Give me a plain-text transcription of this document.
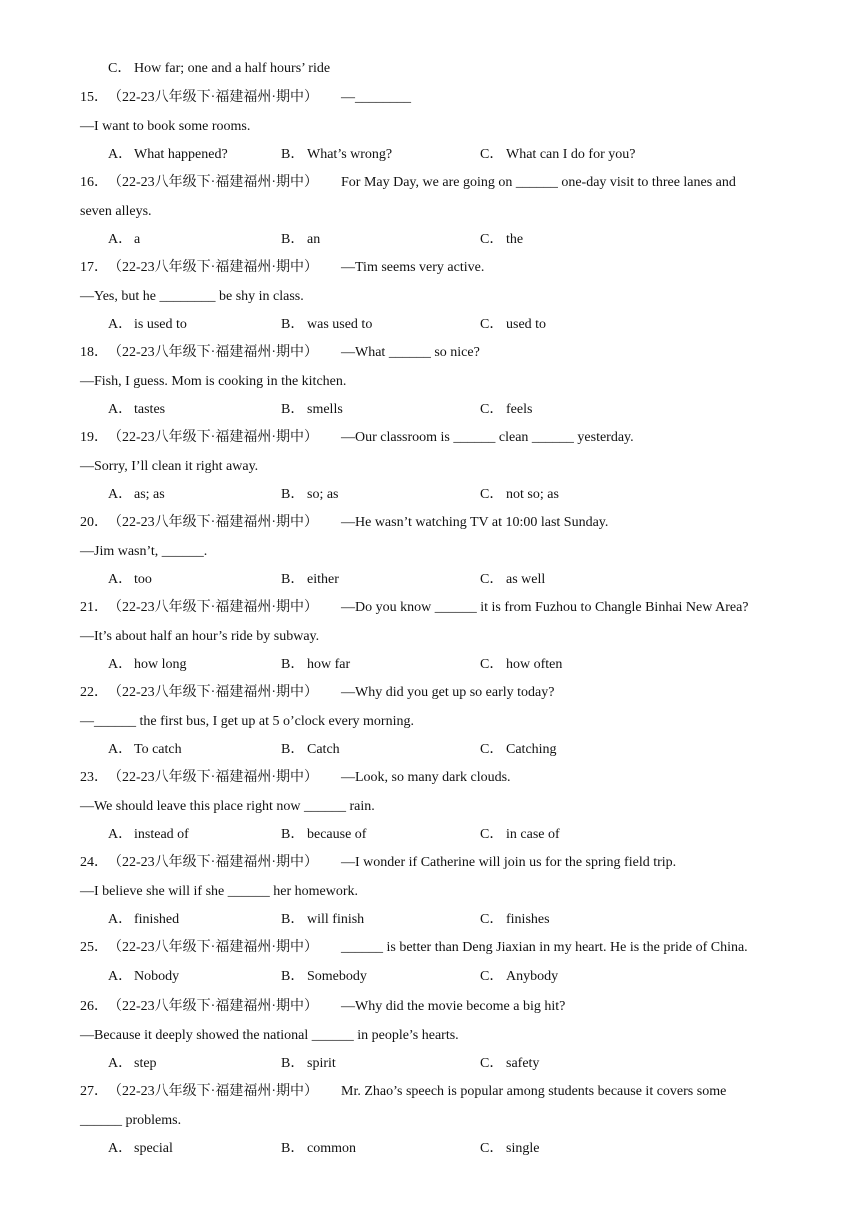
C． How far; one and a half hours’ ride
15． （22-23八年级下·福建福州·期中） —________
—I want to book some rooms.
A． What happened?	B． What’s wrong?	C． What can I do for you?
16． （22-23八年级下·福建福州·期中） For May Day, we are going on ______ one-day visit to three lanes and
seven alleys.
A． a	B． an	C． the
17． （22-23八年级下·福建福州·期中） —Tim seems very active.
—Yes, but he ________ be shy in class.
A． is used to	B． was used to	C． used to
18． （22-23八年级下·福建福州·期中） —What ______ so nice?
—Fish, I guess. Mom is cooking in the kitchen.
A． tastes	B． smells	C． feels
19． （22-23八年级下·福建福州·期中） —Our classroom is ______ clean ______ yesterday.
—Sorry, I’ll clean it right away.
A． as; as	B． so; as	C． not so; as
20． （22-23八年级下·福建福州·期中） —He wasn’t watching TV at 10:00 last Sunday.
—Jim wasn’t, ______.
A． too	B． either	C． as well
21． （22-23八年级下·福建福州·期中） —Do you know ______ it is from Fuzhou to Changle Binhai New Area?
—It’s about half an hour’s ride by subway.
A． how long	B． how far	C． how often
22． （22-23八年级下·福建福州·期中） —Why did you get up so early today?
—______ the first bus, I get up at 5 o’clock every morning.
A． To catch	B． Catch	C． Catching
23． （22-23八年级下·福建福州·期中） —Look, so many dark clouds.
—We should leave this place right now ______ rain.
A． instead of	B． because of	C． in case of
24． （22-23八年级下·福建福州·期中） —I wonder if Catherine will join us for the spring field trip.
—I believe she will if she ______ her homework.
A． finished	B． will finish	C． finishes
25． （22-23八年级下·福建福州·期中） ______ is better than Deng Jiaxian in my heart. He is the pride of China.
A． Nobody	B． Somebody	C． Anybody
26． （22-23八年级下·福建福州·期中） —Why did the movie become a big hit?
—Because it deeply showed the national ______ in people’s hearts.
A． step	B． spirit	C． safety
27． （22-23八年级下·福建福州·期中） Mr. Zhao’s speech is popular among students because it covers some
______ problems.
A． special	B． common	C． single
